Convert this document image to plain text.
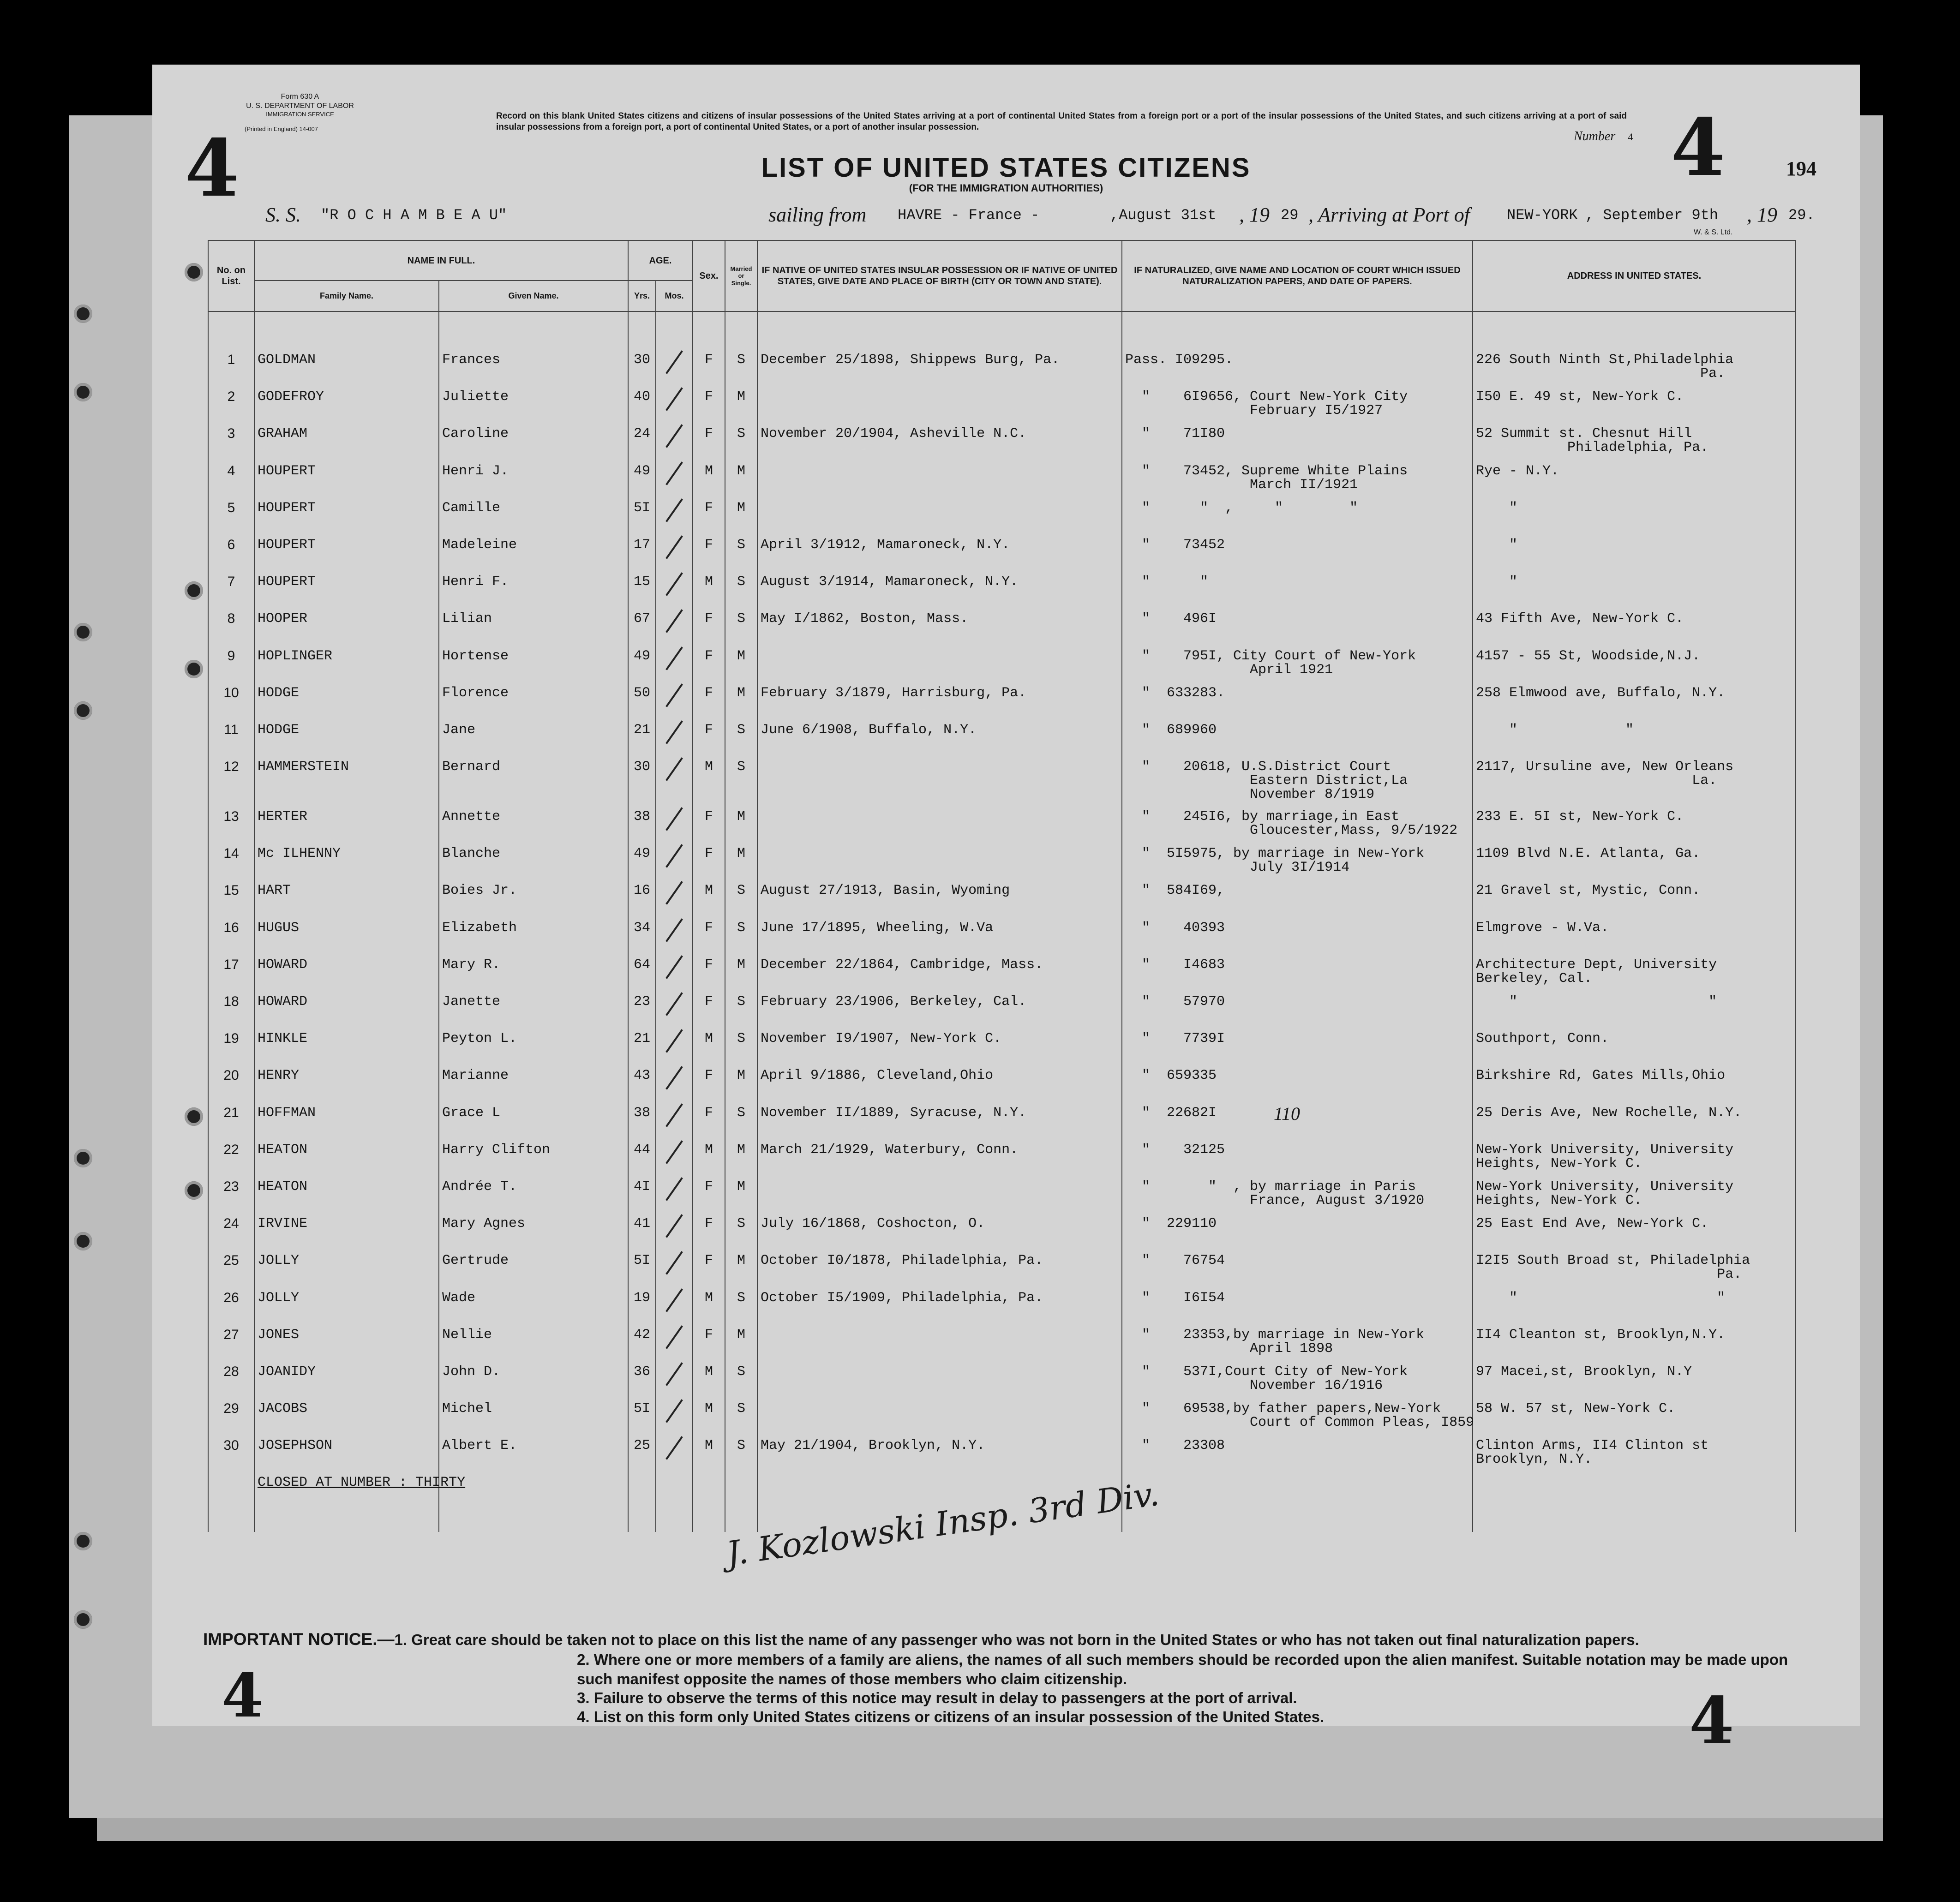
4
Form 630 A
U. S. DEPARTMENT OF LABOR
IMMIGRATION SERVICE
(Printed in England) 14-007
Record on this blank United States citizens and citizens of insular possessions of the United States arriving at a port of continental United States from a foreign port or a port of the insular possessions of the United States, and such citizens arriving at a port of said insular possessions from a foreign port, a port of continental United States, or a port of another insular possession.
LIST OF UNITED STATES CITIZENS
(FOR THE IMMIGRATION AUTHORITIES)
Number 4 4	194
S. S. "R O C H A M B E A U"	sailing from HAVRE - France -	,August 31st , 19 29 , Arriving at Port of	NEW-YORK , September 9th , 19 29.
W. & S. Ltd.
No. on List.	NAME IN FULL.		AGE.		Sex.	Married or Single.	IF NATIVE OF UNITED STATES INSULAR POSSESSION OR IF NATIVE OF UNITED STATES, GIVE DATE AND PLACE OF BIRTH (CITY OR TOWN AND STATE).	IF NATURALIZED, GIVE NAME AND LOCATION OF COURT WHICH ISSUED NATURALIZATION PAPERS, AND DATE OF PAPERS.	ADDRESS IN UNITED STATES.
	Family Name.	Given Name.	Yrs.	Mos.					

1	GOLDMAN	Frances	30		F	S	December 25/1898, Shippews Burg, Pa.	Pass. I09295.	226 South Ninth St,Philadelphia
Pa.
2	GODEFROY	Juliette	40		F	M		"    6I9656, Court New-York City
February I5/1927	I50 E. 49 st, New-York C.
3	GRAHAM	Caroline	24		F	S	November 20/1904, Asheville N.C.	"    71I80	52 Summit st. Chesnut Hill
Philadelphia, Pa.
4	HOUPERT	Henri J.	49		M	M		"    73452, Supreme White Plains
March II/1921	Rye - N.Y.
5	HOUPERT	Camille	5I		F	M		"      "  ,     "        "	"
6	HOUPERT	Madeleine	17		F	S	April 3/1912, Mamaroneck, N.Y.	"    73452	"
7	HOUPERT	Henri F.	15		M	S	August 3/1914, Mamaroneck, N.Y.	"      "	"
8	HOOPER	Lilian	67		F	S	May I/1862, Boston, Mass.	"    496I	43 Fifth Ave, New-York C.
9	HOPLINGER	Hortense	49		F	M		"    795I, City Court of New-York
April 1921	4157 - 55 St, Woodside,N.J.
10	HODGE	Florence	50		F	M	February 3/1879, Harrisburg, Pa.	"  633283.	258 Elmwood ave, Buffalo, N.Y.
11	HODGE	Jane	21		F	S	June 6/1908, Buffalo, N.Y.	"  689960	"             "
12	HAMMERSTEIN	Bernard	30		M	S		"    20618, U.S.District Court
Eastern District,La
November 8/1919	2117, Ursuline ave, New Orleans
La.
13	HERTER	Annette	38		F	M		"    245I6, by marriage,in East
Gloucester,Mass, 9/5/1922	233 E. 5I st, New-York C.
14	Mc ILHENNY	Blanche	49		F	M		"  5I5975, by marriage in New-York
July 3I/1914	1109 Blvd N.E. Atlanta, Ga.
15	HART	Boies Jr.	16		M	S	August 27/1913, Basin, Wyoming	"  584I69,	21 Gravel st, Mystic, Conn.
16	HUGUS	Elizabeth	34		F	S	June 17/1895, Wheeling, W.Va	"    40393	Elmgrove - W.Va.
17	HOWARD	Mary R.	64		F	M	December 22/1864, Cambridge, Mass.	"    I4683	Architecture Dept, University
Berkeley, Cal.
18	HOWARD	Janette	23		F	S	February 23/1906, Berkeley, Cal.	"    57970	"                       "
19	HINKLE	Peyton L.	21		M	S	November I9/1907, New-York C.	"    7739I	Southport, Conn.
20	HENRY	Marianne	43		F	M	April 9/1886, Cleveland,Ohio	"  659335	Birkshire Rd, Gates Mills,Ohio
21	HOFFMAN	Grace L	38		F	S	November II/1889, Syracuse, N.Y.	"  22682I	25 Deris Ave, New Rochelle, N.Y.
22	HEATON	Harry Clifton	44		M	M	March 21/1929, Waterbury, Conn.	"    32125	New-York University, University
Heights, New-York C.
23	HEATON	Andrée T.	4I		F	M		"       "  , by marriage in Paris
France, August 3/1920	New-York University, University
Heights, New-York C.
24	IRVINE	Mary Agnes	41		F	S	July 16/1868, Coshocton, O.	"  229110	25 East End Ave, New-York C.
25	JOLLY	Gertrude	5I		F	M	October I0/1878, Philadelphia, Pa.	"    76754	I2I5 South Broad st, Philadelphia
Pa.
26	JOLLY	Wade	19		M	S	October I5/1909, Philadelphia, Pa.	"    I6I54	"                        "
27	JONES	Nellie	42		F	M		"    23353,by marriage in New-York
April 1898	II4 Cleanton st, Brooklyn,N.Y.
28	JOANIDY	John D.	36		M	S		"    537I,Court City of New-York
November 16/1916	97 Macei,st, Brooklyn, N.Y
29	JACOBS	Michel	5I		M	S		"    69538,by father papers,New-York
Court of Common Pleas, I859	58 W. 57 st, New-York C.
30	JOSEPHSON	Albert E.	25		M	S	May 21/1904, Brooklyn, N.Y.	"    23308	Clinton Arms, II4 Clinton st
Brooklyn, N.Y.
	CLOSED AT NUMBER : THIRTY									J. Kozlowski Insp. 3rd Div.
110
IMPORTANT NOTICE.—1. Great care should be taken not to place on this list the name of any passenger who was not born in the United States or who has not taken out final naturalization papers.
2. Where one or more members of a family are aliens, the names of all such members should be recorded upon the alien manifest. Suitable notation may be made upon such manifest opposite the names of those members who claim citizenship.
3. Failure to observe the terms of this notice may result in delay to passengers at the port of arrival.
4. List on this form only United States citizens or citizens of an insular possession of the United States.
4	4
